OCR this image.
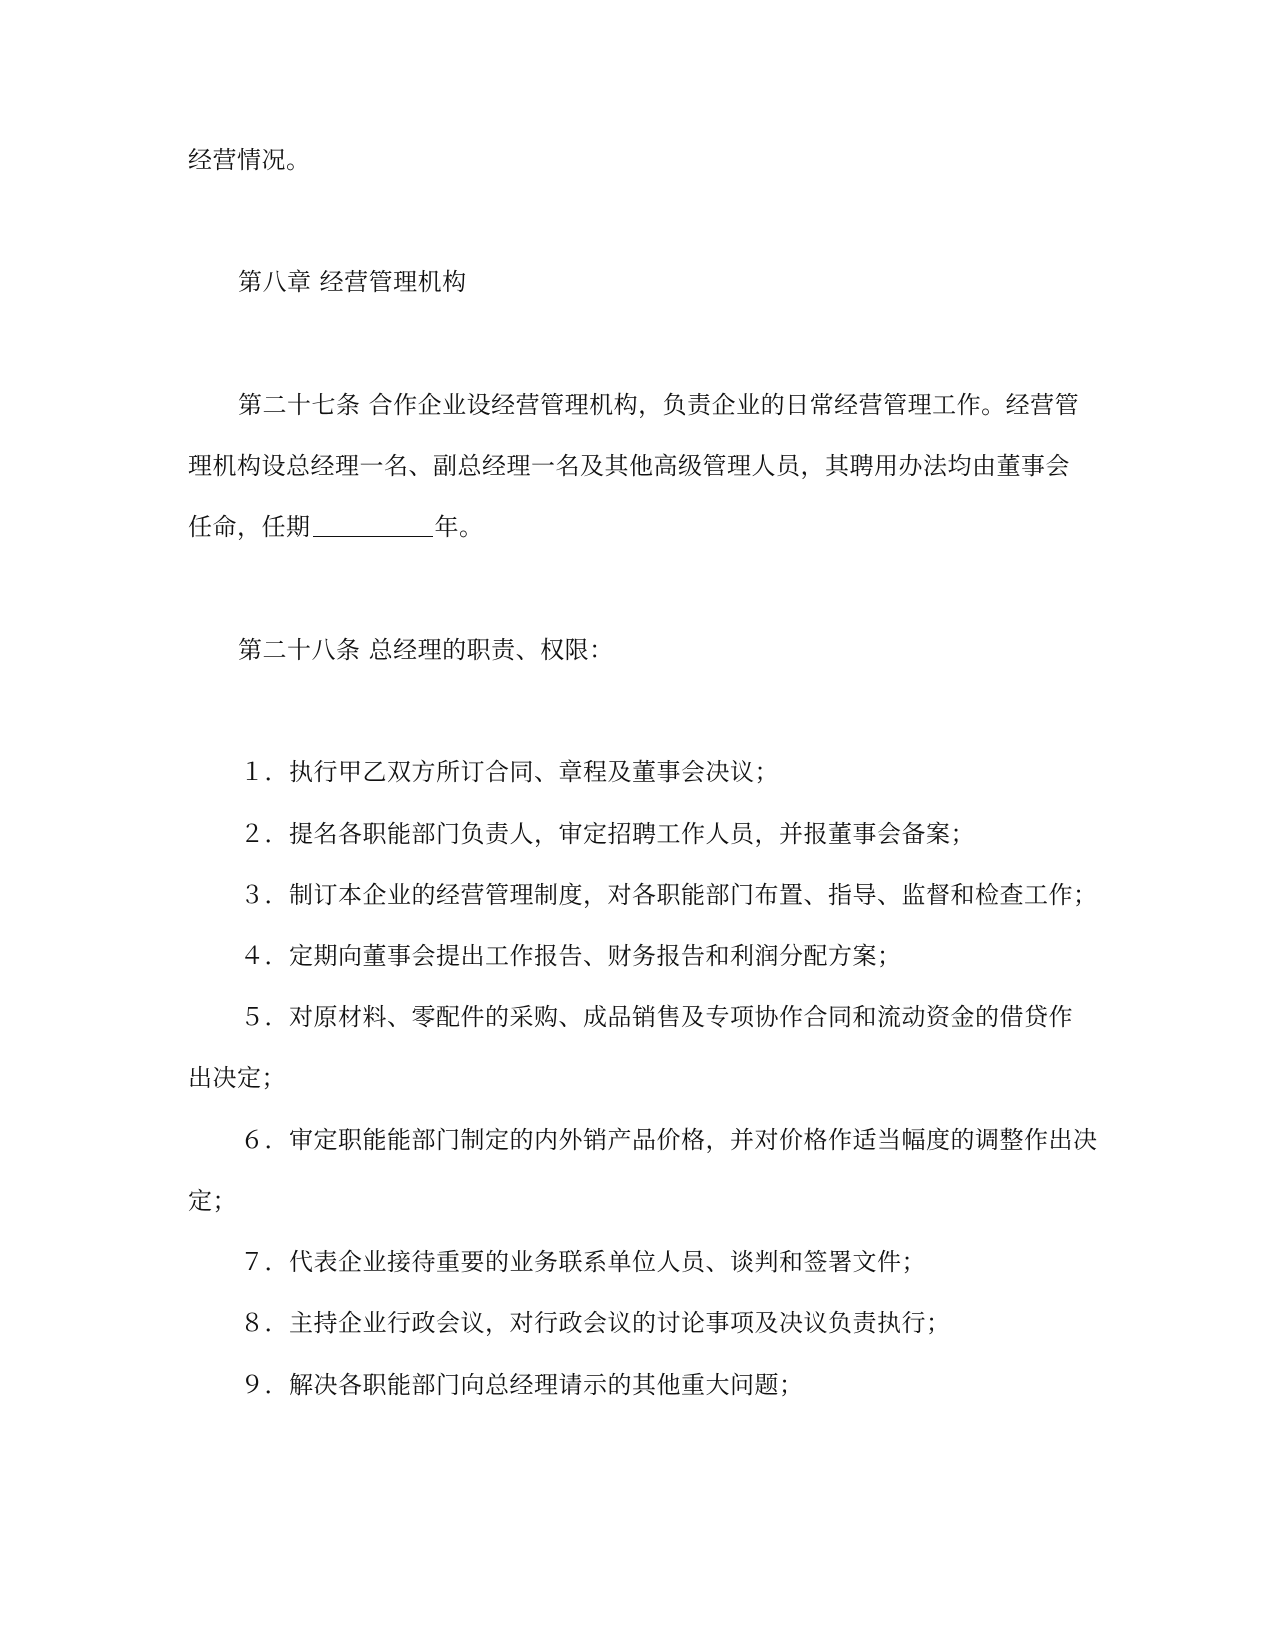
经营情况。
第八章 经营管理机构
第二十七条 合作企业设经营管理机构，负责企业的日常经营管理工作。经营管
理机构设总经理一名、副总经理一名及其他高级管理人员，其聘用办法均由董事会
任命，任期	年。
第二十八条 总经理的职责、权限：
１．执行甲乙双方所订合同、章程及董事会决议；
２．提名各职能部门负责人，审定招聘工作人员，并报董事会备案；
３．制订本企业的经营管理制度，对各职能部门布置、指导、监督和检查工作；
４．定期向董事会提出工作报告、财务报告和利润分配方案；
５．对原材料、零配件的采购、成品销售及专项协作合同和流动资金的借贷作
出决定；
６．审定职能能部门制定的内外销产品价格，并对价格作适当幅度的调整作出决
定；
７．代表企业接待重要的业务联系单位人员、谈判和签署文件；
８．主持企业行政会议，对行政会议的讨论事项及决议负责执行；
９．解决各职能部门向总经理请示的其他重大问题；
